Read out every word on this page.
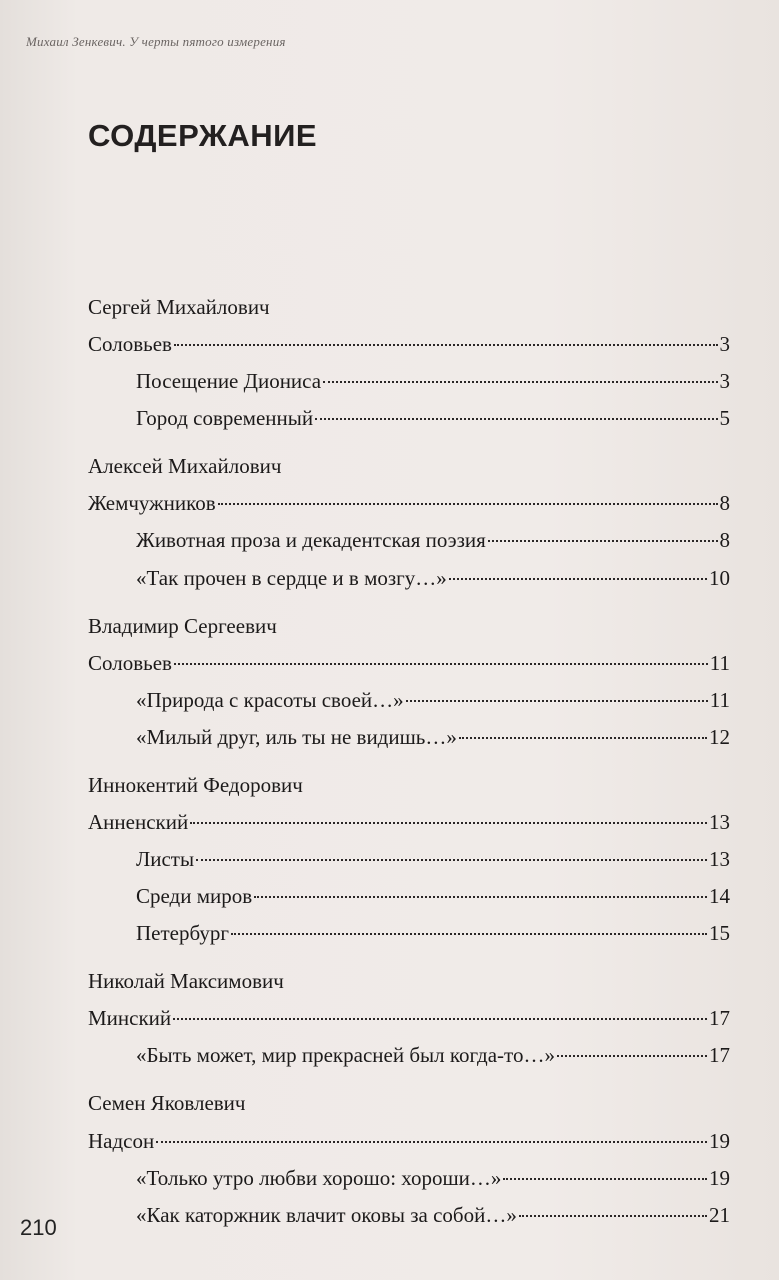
Михаил Зенкевич. У черты пятого измерения
СОДЕРЖАНИЕ
Сергей Михайлович
Соловьев	3
Посещение Диониса	3
Город современный	5
Алексей Михайлович
Жемчужников	8
Животная проза и декадентская поэзия	8
«Так прочен в сердце и в мозгу…»	10
Владимир Сергеевич
Соловьев	11
«Природа с красоты своей…»	11
«Милый друг, иль ты не видишь…»	12
Иннокентий Федорович
Анненский	13
Листы	13
Среди миров	14
Петербург	15
Николай Максимович
Минский	17
«Быть может, мир прекрасней был когда-то…»	17
Семен Яковлевич
Надсон	19
«Только утро любви хорошо: хороши…»	19
«Как каторжник влачит оковы за собой…»	21
210
